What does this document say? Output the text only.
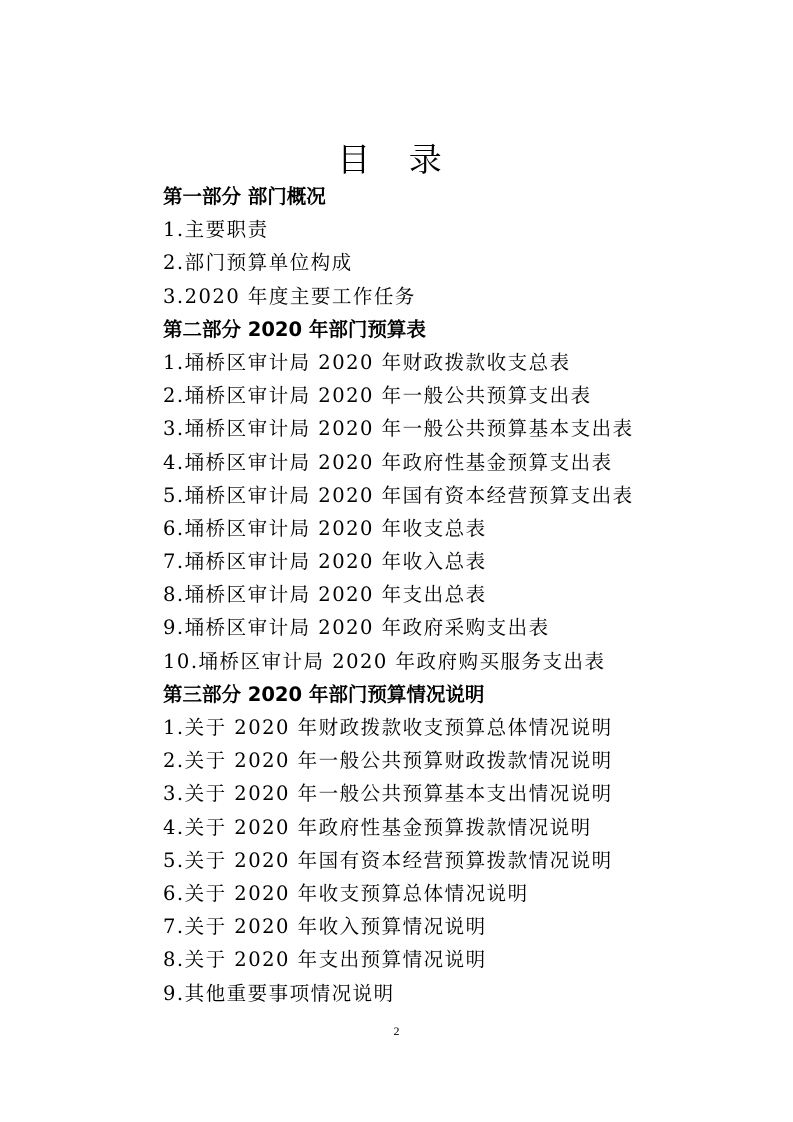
目 录
第一部分 部门概况
1.主要职责
2.部门预算单位构成
3.2020 年度主要工作任务
第二部分 2020 年部门预算表
1.埇桥区审计局 2020 年财政拨款收支总表
2.埇桥区审计局 2020 年一般公共预算支出表
3.埇桥区审计局 2020 年一般公共预算基本支出表
4.埇桥区审计局 2020 年政府性基金预算支出表
5.埇桥区审计局 2020 年国有资本经营预算支出表
6.埇桥区审计局 2020 年收支总表
7.埇桥区审计局 2020 年收入总表
8.埇桥区审计局 2020 年支出总表
9.埇桥区审计局 2020 年政府采购支出表
10.埇桥区审计局 2020 年政府购买服务支出表
第三部分 2020 年部门预算情况说明
1.关于 2020 年财政拨款收支预算总体情况说明
2.关于 2020 年一般公共预算财政拨款情况说明
3.关于 2020 年一般公共预算基本支出情况说明
4.关于 2020 年政府性基金预算拨款情况说明
5.关于 2020 年国有资本经营预算拨款情况说明
6.关于 2020 年收支预算总体情况说明
7.关于 2020 年收入预算情况说明
8.关于 2020 年支出预算情况说明
9.其他重要事项情况说明
2
